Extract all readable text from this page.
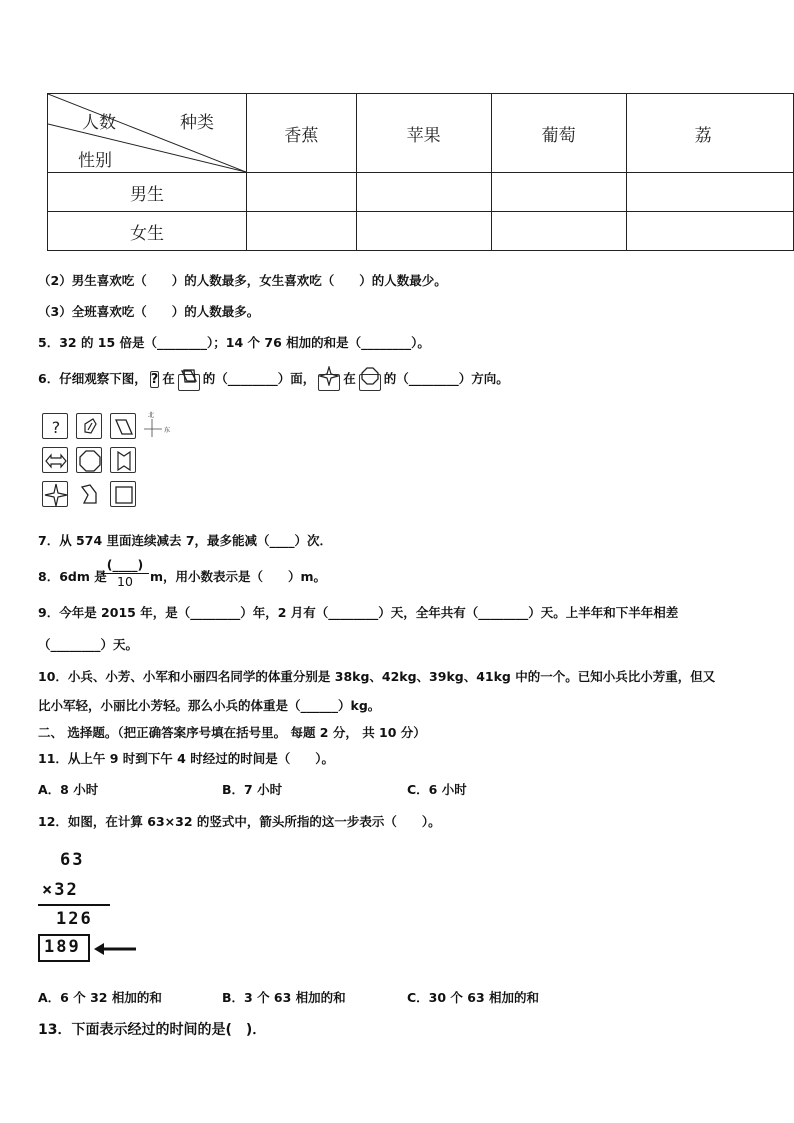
人数 种类
性别	香蕉	苹果	葡萄	荔
男生				
女生				
（2）男生喜欢吃（　　）的人数最多，女生喜欢吃（　　）的人数最少。
（3）全班喜欢吃（　　）的人数最多。
5．32 的 15 倍是（________）；14 个 76 相加的和是（________）。
6．仔细观察下图， ? 在 的（________）面， 在 的（________）方向。
?
北
东
7．从 574 里面连续减去 7，最多能减（____）次．
8．6dm 是
(____)
10	m，用小数表示是（　　）m。
9．今年是 2015 年，是（________）年，2 月有（________）天，全年共有（________）天。上半年和下半年相差
（________）天。
10．小兵、小芳、小军和小丽四名同学的体重分别是 38kg、42kg、39kg、41kg 中的一个。已知小兵比小芳重，但又
比小军轻，小丽比小芳轻。那么小兵的体重是（______）kg。
二、 选择题。（把正确答案序号填在括号里。 每题 2 分， 共 10 分）
11．从上午 9 时到下午 4 时经过的时间是（　　）。
A．8 小时	B．7 小时	C．6 小时
12．如图，在计算 63×32 的竖式中，箭头所指的这一步表示（　　）。
63
×32
126
189
A．6 个 32 相加的和	B．3 个 63 相加的和	C．30 个 63 相加的和
13．下面表示经过的时间的是(　)．
